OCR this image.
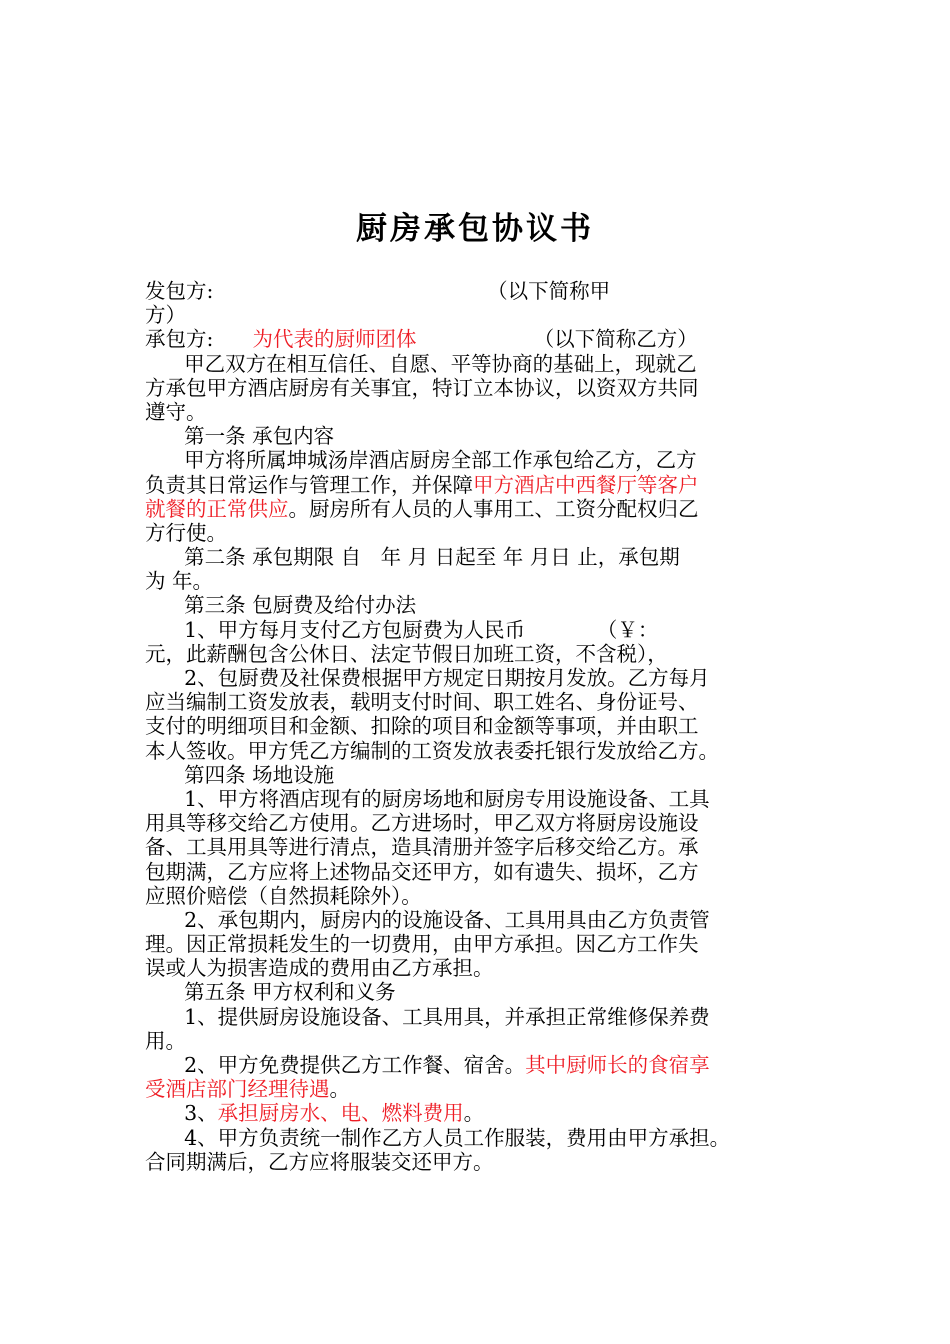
厨房承包协议书
发包方:                                          （以下简称甲
方）
承包方:      为代表的厨师团体                  （以下简称乙方）
甲乙双方在相互信任、自愿、平等协商的基础上，现就乙
方承包甲方酒店厨房有关事宜，特订立本协议，以资双方共同
遵守。
第一条 承包内容
甲方将所属坤城汤岸酒店厨房全部工作承包给乙方，乙方
负责其日常运作与管理工作，并保障甲方酒店中西餐厅等客户
就餐的正常供应。厨房所有人员的人事用工、工资分配权归乙
方行使。
第二条 承包期限 自   年 月 日起至 年 月日 止，承包期
为 年。
第三条 包厨费及给付办法
1、甲方每月支付乙方包厨费为人民币           （￥：
元，此薪酬包含公休日、法定节假日加班工资，不含税），
2、包厨费及社保费根据甲方规定日期按月发放。乙方每月
应当编制工资发放表，载明支付时间、职工姓名、身份证号、
支付的明细项目和金额、扣除的项目和金额等事项，并由职工
本人签收。甲方凭乙方编制的工资发放表委托银行发放给乙方。
第四条 场地设施
1、甲方将酒店现有的厨房场地和厨房专用设施设备、工具
用具等移交给乙方使用。乙方进场时，甲乙双方将厨房设施设
备、工具用具等进行清点，造具清册并签字后移交给乙方。承
包期满，乙方应将上述物品交还甲方，如有遗失、损坏，乙方
应照价赔偿（自然损耗除外）。
2、承包期内，厨房内的设施设备、工具用具由乙方负责管
理。因正常损耗发生的一切费用，由甲方承担。因乙方工作失
误或人为损害造成的费用由乙方承担。
第五条 甲方权利和义务
1、提供厨房设施设备、工具用具，并承担正常维修保养费
用。
2、甲方免费提供乙方工作餐、宿舍。其中厨师长的食宿享
受酒店部门经理待遇。
3、承担厨房水、电、燃料费用。
4、甲方负责统一制作乙方人员工作服装，费用由甲方承担。
合同期满后，乙方应将服装交还甲方。
